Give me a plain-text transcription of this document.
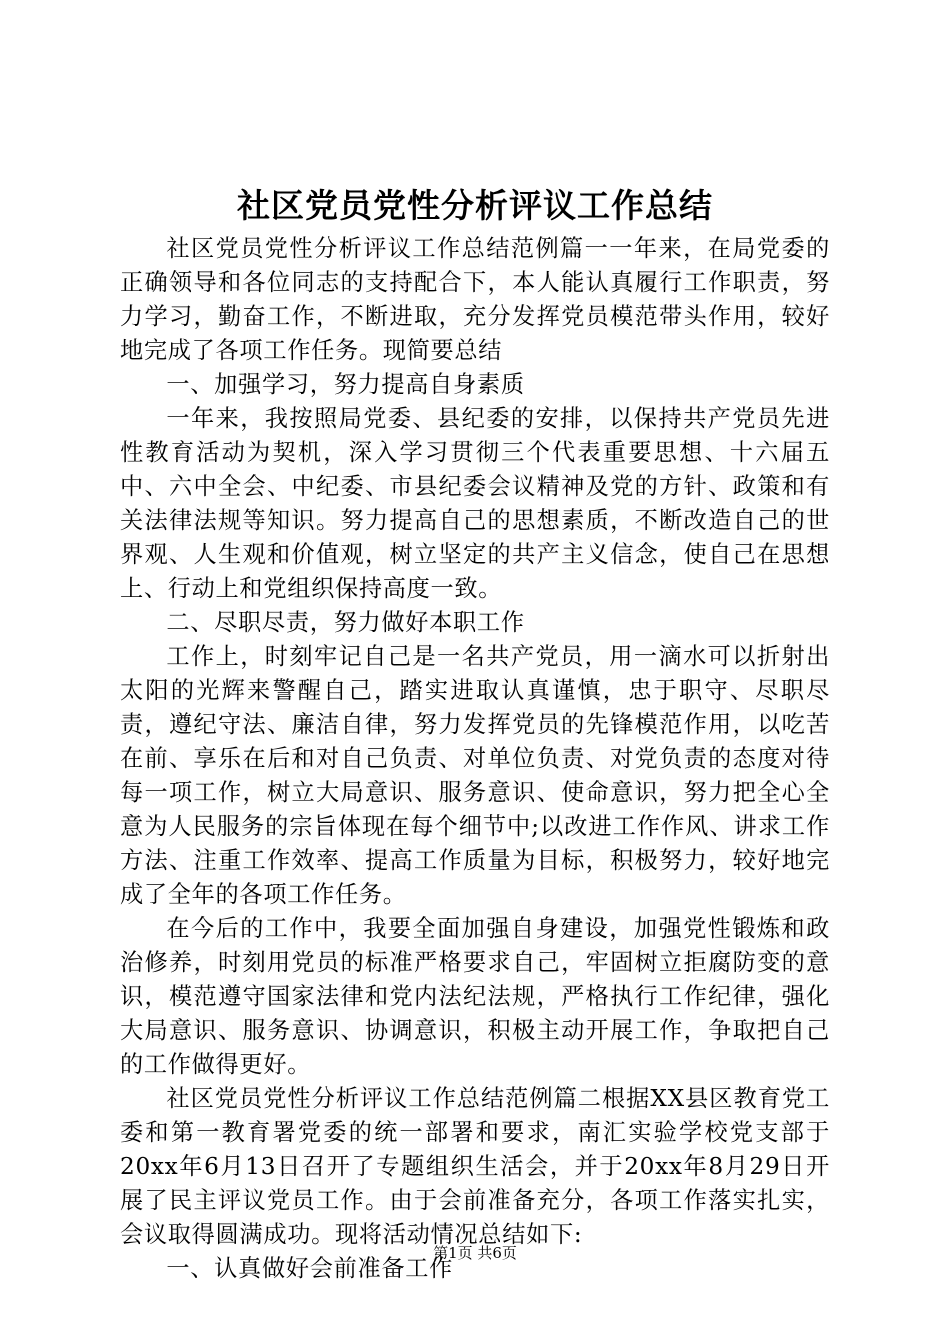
社区党员党性分析评议工作总结

社区党员党性分析评议工作总结范例篇一一年来，在局党委的正确领导和各位同志的支持配合下，本人能认真履行工作职责，努力学习，勤奋工作，不断进取，充分发挥党员模范带头作用，较好地完成了各项工作任务。现简要总结

一、加强学习，努力提高自身素质

一年来，我按照局党委、县纪委的安排，以保持共产党员先进性教育活动为契机，深入学习贯彻三个代表重要思想、十六届五中、六中全会、中纪委、市县纪委会议精神及党的方针、政策和有关法律法规等知识。努力提高自己的思想素质，不断改造自己的世界观、人生观和价值观，树立坚定的共产主义信念，使自己在思想上、行动上和党组织保持高度一致。

二、尽职尽责，努力做好本职工作

工作上，时刻牢记自己是一名共产党员，用一滴水可以折射出太阳的光辉来警醒自己，踏实进取认真谨慎，忠于职守、尽职尽责，遵纪守法、廉洁自律，努力发挥党员的先锋模范作用，以吃苦在前、享乐在后和对自己负责、对单位负责、对党负责的态度对待每一项工作，树立大局意识、服务意识、使命意识，努力把全心全意为人民服务的宗旨体现在每个细节中;以改进工作作风、讲求工作方法、注重工作效率、提高工作质量为目标，积极努力，较好地完成了全年的各项工作任务。

在今后的工作中，我要全面加强自身建设，加强党性锻炼和政治修养，时刻用党员的标准严格要求自己，牢固树立拒腐防变的意识，模范遵守国家法律和党内法纪法规，严格执行工作纪律，强化大局意识、服务意识、协调意识，积极主动开展工作，争取把自己的工作做得更好。

社区党员党性分析评议工作总结范例篇二根据XX县区教育党工委和第一教育署党委的统一部署和要求，南汇实验学校党支部于20xx年6月13日召开了专题组织生活会，并于20xx年8月29日开展了民主评议党员工作。由于会前准备充分，各项工作落实扎实，会议取得圆满成功。现将活动情况总结如下:

一、认真做好会前准备工作

第1页 共6页
